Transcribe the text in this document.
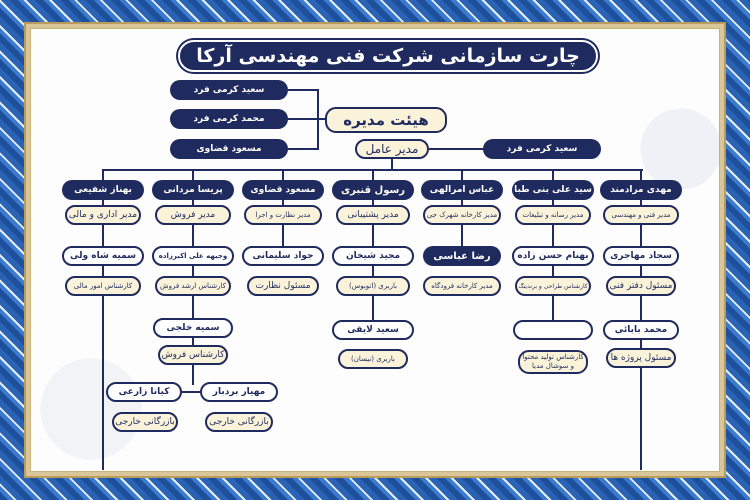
چارت سازمانی شرکت فنی مهندسی آرکا
سعید کرمی فرد
محمد کرمی فرد
مسعود قضاوی
هیئت مدیره
مدیر عامل	سعید کرمی فرد
مهدی مرادمند
مدیر فنی و مهندسی
سجاد مهاجری
مسئول دفتر فنی
محمد بابائی
مسئول پروژه ها
سید علی بنی طبا
مدیر رسانه و تبلیغات
بهنام حسن زاده
کارشناس طراحی و برندینگ
کارشناس تولید محتوا
و سوشال مدیا
عباس امرالهی
مدیر کارخانه شهرک جی
رضا عباسی
مدیر کارخانه فرودگاه
رسول قنبری
مدیر پشتیبانی
مجید شیخان
باربری (اتوبوس)
سعید لایقی
باربری (نیسان)
مسعود قضاوی
مدیر نظارت و اجرا
جواد سلیمانی
مسئول نظارت
پریسا مردانی
مدیر فروش
وجیهه علی اکبرزاده
کارشناس ارشد فروش
سمیه خلجی
کارشناس فروش
مهیار بردبار
بازرگانی خارجی
کیانا زارعی
بازرگانی خارجی
بهناز شفیعی
مدیر اداری و مالی
سمیه شاه ولی
کارشناس امور مالی
